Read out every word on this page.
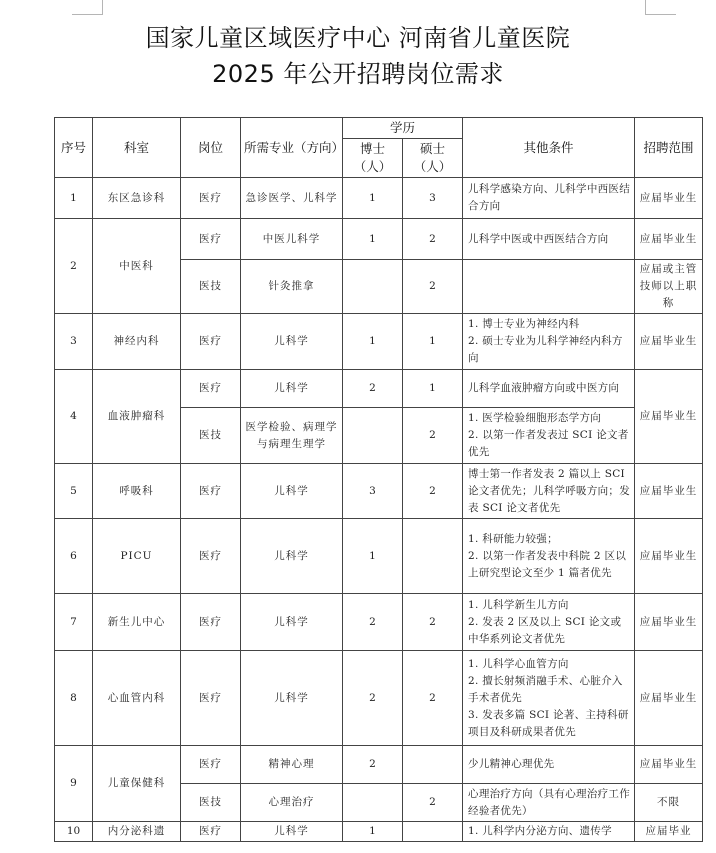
国家儿童区域医疗中心 河南省儿童医院
2025 年公开招聘岗位需求
序号	科室	岗位	所需专业（方向）	学历		其他条件	招聘范围
				博士（人）	硕士（人）		
1	东区急诊科	医疗	急诊医学、儿科学	1	3	儿科学感染方向、儿科学中西医结合方向	应届毕业生
2	中医科	医疗	中医儿科学	1	2	儿科学中医或中西医结合方向	应届毕业生
		医技	针灸推拿		2		应届或主管技师以上职称
3	神经内科	医疗	儿科学	1	1	1. 博士专业为神经内科
2. 硕士专业为儿科学神经内科方向	应届毕业生
4	血液肿瘤科	医疗	儿科学	2	1	儿科学血液肿瘤方向或中医方向	应届毕业生
		医技	医学检验、病理学与病理生理学		2	1. 医学检验细胞形态学方向
2. 以第一作者发表过 SCI 论文者优先	
5	呼吸科	医疗	儿科学	3	2	博士第一作者发表 2 篇以上 SCI 论文者优先；儿科学呼吸方向；发表 SCI 论文者优先	应届毕业生
6	PICU	医疗	儿科学	1		1. 科研能力较强；
2. 以第一作者发表中科院 2 区以上研究型论文至少 1 篇者优先	应届毕业生
7	新生儿中心	医疗	儿科学	2	2	1. 儿科学新生儿方向
2. 发表 2 区及以上 SCI 论文或中华系列论文者优先	应届毕业生
8	心血管内科	医疗	儿科学	2	2	1. 儿科学心血管方向
2. 擅长射频消融手术、心脏介入手术者优先
3. 发表多篇 SCI 论著、主持科研项目及科研成果者优先	应届毕业生
9	儿童保健科	医疗	精神心理	2		少儿精神心理优先	应届毕业生
		医技	心理治疗		2	心理治疗方向（具有心理治疗工作经验者优先）	不限
10	内分泌科遗	医疗	儿科学	1		1. 儿科学内分泌方向、遗传学	应届毕业
